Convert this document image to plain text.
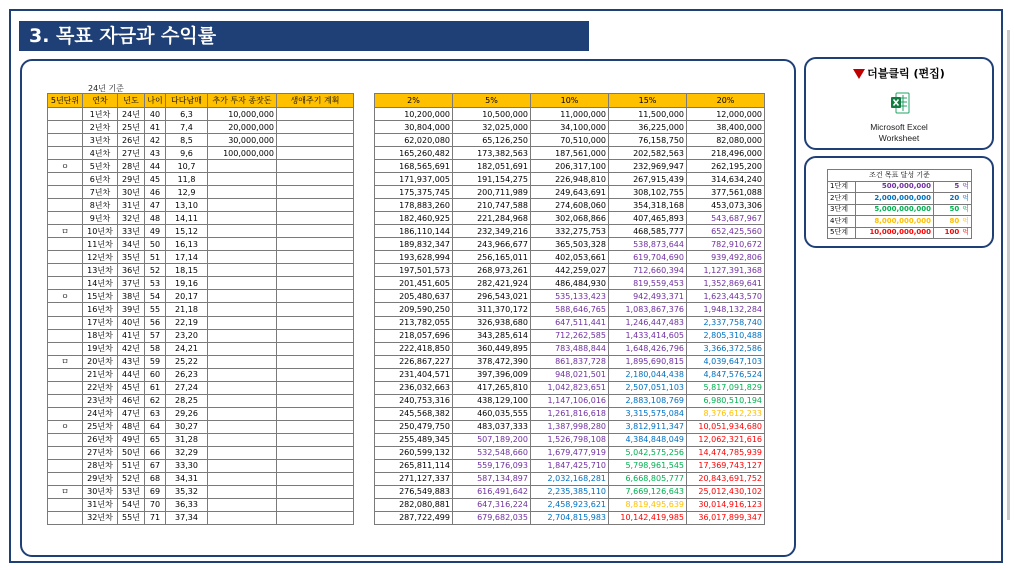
3. 목표 자금과 수익률
24년 기준
5년단위	연차	년도	나이	다다남매	추가 투자 종잣돈	생애주기 계획
	1년차	24년	40	6,3	10,000,000	
	2년차	25년	41	7,4	20,000,000	
	3년차	26년	42	8,5	30,000,000	
	4년차	27년	43	9,6	100,000,000	
ㅇ	5년차	28년	44	10,7		
	6년차	29년	45	11,8		
	7년차	30년	46	12,9		
	8년차	31년	47	13,10		
	9년차	32년	48	14,11		
ㅁ	10년차	33년	49	15,12		
	11년차	34년	50	16,13		
	12년차	35년	51	17,14		
	13년차	36년	52	18,15		
	14년차	37년	53	19,16		
ㅇ	15년차	38년	54	20,17		
	16년차	39년	55	21,18		
	17년차	40년	56	22,19		
	18년차	41년	57	23,20		
	19년차	42년	58	24,21		
ㅁ	20년차	43년	59	25,22		
	21년차	44년	60	26,23		
	22년차	45년	61	27,24		
	23년차	46년	62	28,25		
	24년차	47년	63	29,26		
ㅇ	25년차	48년	64	30,27		
	26년차	49년	65	31,28		
	27년차	50년	66	32,29		
	28년차	51년	67	33,30		
	29년차	52년	68	34,31		
ㅁ	30년차	53년	69	35,32		
	31년차	54년	70	36,33		
	32년차	55년	71	37,34		
2%	5%	10%	15%	20%
10,200,000	10,500,000	11,000,000	11,500,000	12,000,000
30,804,000	32,025,000	34,100,000	36,225,000	38,400,000
62,020,080	65,126,250	70,510,000	76,158,750	82,080,000
165,260,482	173,382,563	187,561,000	202,582,563	218,496,000
168,565,691	182,051,691	206,317,100	232,969,947	262,195,200
171,937,005	191,154,275	226,948,810	267,915,439	314,634,240
175,375,745	200,711,989	249,643,691	308,102,755	377,561,088
178,883,260	210,747,588	274,608,060	354,318,168	453,073,306
182,460,925	221,284,968	302,068,866	407,465,893	543,687,967
186,110,144	232,349,216	332,275,753	468,585,777	652,425,560
189,832,347	243,966,677	365,503,328	538,873,644	782,910,672
193,628,994	256,165,011	402,053,661	619,704,690	939,492,806
197,501,573	268,973,261	442,259,027	712,660,394	1,127,391,368
201,451,605	282,421,924	486,484,930	819,559,453	1,352,869,641
205,480,637	296,543,021	535,133,423	942,493,371	1,623,443,570
209,590,250	311,370,172	588,646,765	1,083,867,376	1,948,132,284
213,782,055	326,938,680	647,511,441	1,246,447,483	2,337,758,740
218,057,696	343,285,614	712,262,585	1,433,414,605	2,805,310,488
222,418,850	360,449,895	783,488,844	1,648,426,796	3,366,372,586
226,867,227	378,472,390	861,837,728	1,895,690,815	4,039,647,103
231,404,571	397,396,009	948,021,501	2,180,044,438	4,847,576,524
236,032,663	417,265,810	1,042,823,651	2,507,051,103	5,817,091,829
240,753,316	438,129,100	1,147,106,016	2,883,108,769	6,980,510,194
245,568,382	460,035,555	1,261,816,618	3,315,575,084	8,376,612,233
250,479,750	483,037,333	1,387,998,280	3,812,911,347	10,051,934,680
255,489,345	507,189,200	1,526,798,108	4,384,848,049	12,062,321,616
260,599,132	532,548,660	1,679,477,919	5,042,575,256	14,474,785,939
265,811,114	559,176,093	1,847,425,710	5,798,961,545	17,369,743,127
271,127,337	587,134,897	2,032,168,281	6,668,805,777	20,843,691,752
276,549,883	616,491,642	2,235,385,110	7,669,126,643	25,012,430,102
282,080,881	647,316,224	2,458,923,621	8,819,495,639	30,014,916,123
287,722,499	679,682,035	2,704,815,983	10,142,419,985	36,017,899,347
더블클릭 (편집)
Microsoft Excel
Worksheet
조건 목표 달성 기준		
1단계	500,000,000	5 억
2단계	2,000,000,000	20 억
3단계	5,000,000,000	50 억
4단계	8,000,000,000	80 억
5단계	10,000,000,000	100 억
